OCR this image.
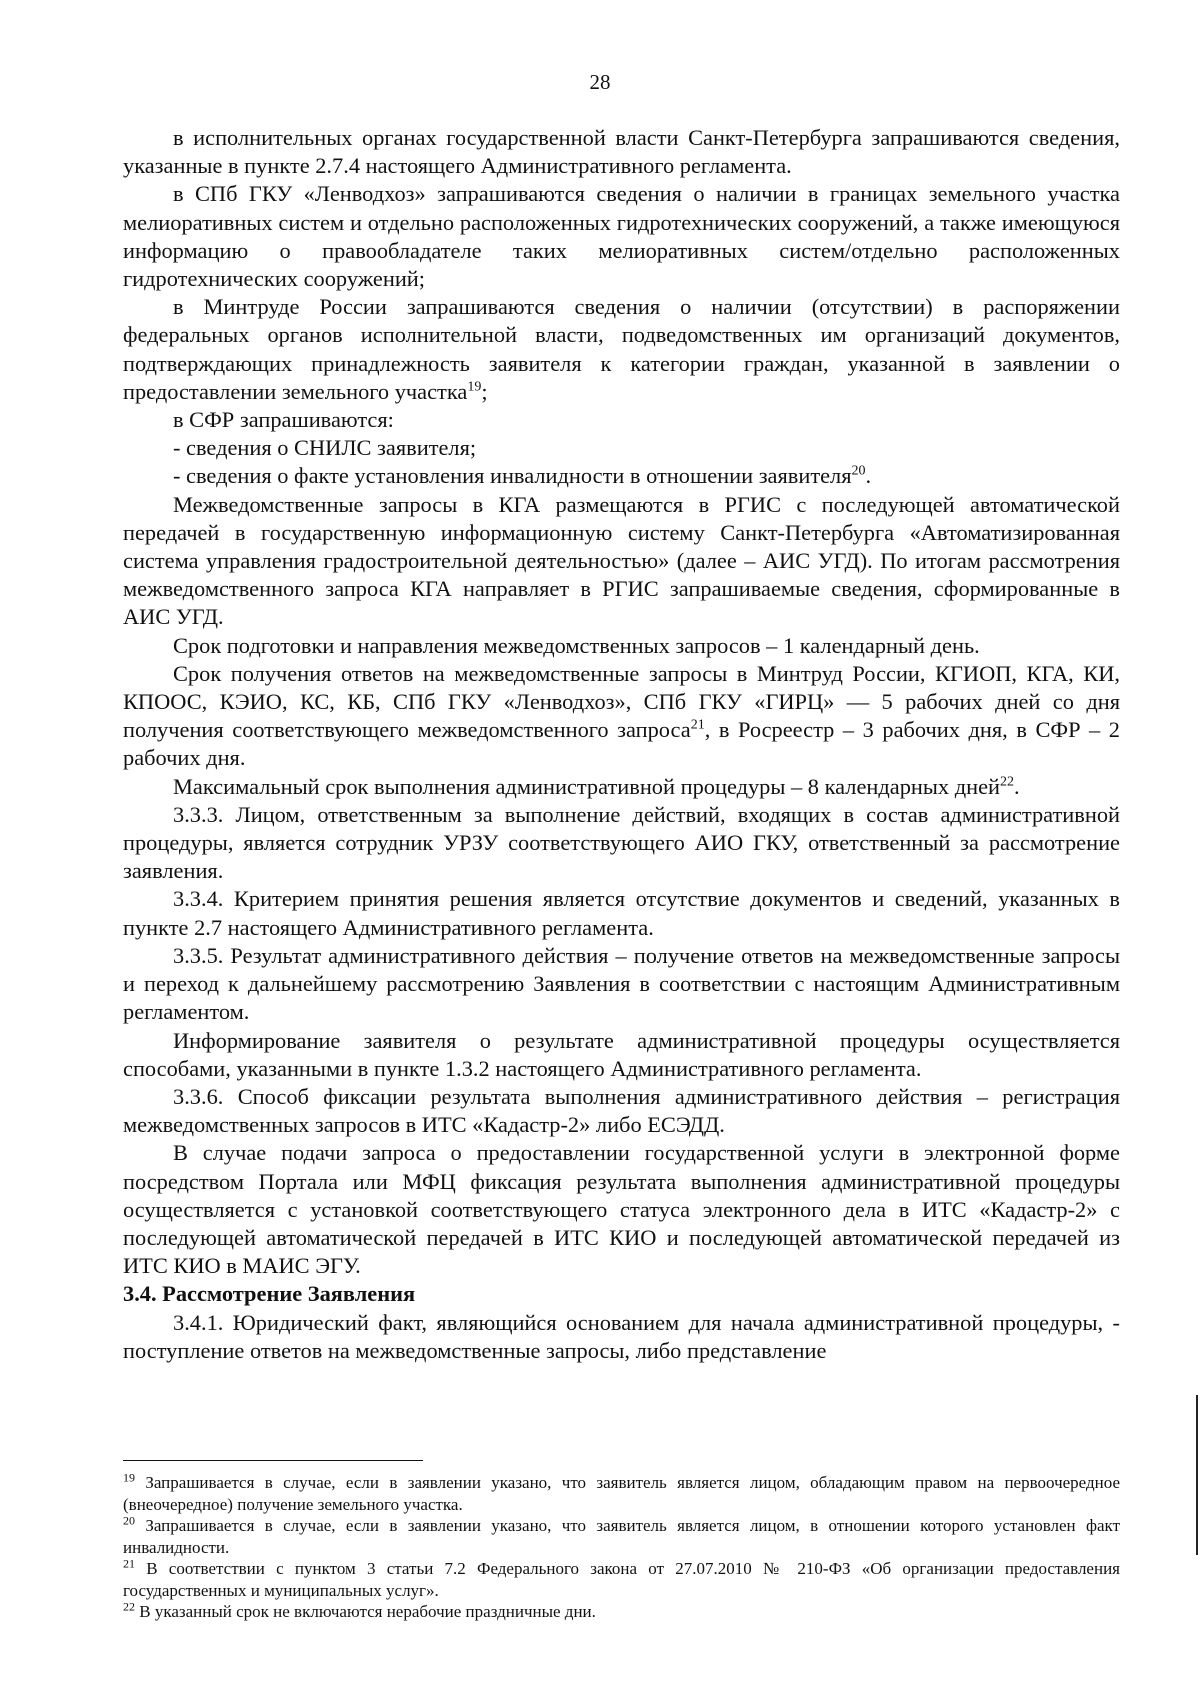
28

в исполнительных органах государственной власти Санкт-Петербурга запрашиваются сведения, указанные в пункте 2.7.4 настоящего Административного регламента.

в СПб ГКУ «Ленводхоз» запрашиваются сведения о наличии в границах земельного участка мелиоративных систем и отдельно расположенных гидротехнических сооружений, а также имеющуюся информацию о правообладателе таких мелиоративных систем/отдельно расположенных гидротехнических сооружений;

в Минтруде России запрашиваются сведения о наличии (отсутствии) в распоряжении федеральных органов исполнительной власти, подведомственных им организаций документов, подтверждающих принадлежность заявителя к категории граждан, указанной в заявлении о предоставлении земельного участка$^{19}$;

в СФР запрашиваются:

- сведения о СНИЛС заявителя;

- сведения о факте установления инвалидности в отношении заявителя$^{20}$.

Межведомственные запросы в КГА размещаются в РГИС с последующей автоматической передачей в государственную информационную систему Санкт-Петербурга «Автоматизированная система управления градостроительной деятельностью» (далее – АИС УГД). По итогам рассмотрения межведомственного запроса КГА направляет в РГИС запрашиваемые сведения, сформированные в АИС УГД.

Срок подготовки и направления межведомственных запросов – 1 календарный день.

Срок получения ответов на межведомственные запросы в Минтруд России, КГИОП, КГА, КИ, КПООС, КЭИО, КС, КБ, СПб ГКУ «Ленводхоз», СПб ГКУ «ГИРЦ» — 5 рабочих дней со дня получения соответствующего межведомственного запроса$^{21}$, в Росреестр – 3 рабочих дня, в СФР – 2 рабочих дня.

Максимальный срок выполнения административной процедуры – 8 календарных дней$^{22}$.

3.3.3. Лицом, ответственным за выполнение действий, входящих в состав административной процедуры, является сотрудник УРЗУ соответствующего АИО ГКУ, ответственный за рассмотрение заявления.

3.3.4. Критерием принятия решения является отсутствие документов и сведений, указанных в пункте 2.7 настоящего Административного регламента.

3.3.5. Результат административного действия – получение ответов на межведомственные запросы и переход к дальнейшему рассмотрению Заявления в соответствии с настоящим Административным регламентом.

Информирование заявителя о результате административной процедуры осуществляется способами, указанными в пункте 1.3.2 настоящего Административного регламента.

3.3.6. Способ фиксации результата выполнения административного действия – регистрация межведомственных запросов в ИТС «Кадастр-2» либо ЕСЭДД.

В случае подачи запроса о предоставлении государственной услуги в электронной форме посредством Портала или МФЦ фиксация результата выполнения административной процедуры осуществляется с установкой соответствующего статуса электронного дела в ИТС «Кадастр-2» с последующей автоматической передачей в ИТС КИО и последующей автоматической передачей из ИТС КИО в МАИС ЭГУ.

3.4. Рассмотрение Заявления

3.4.1. Юридический факт, являющийся основанием для начала административной процедуры, - поступление ответов на межведомственные запросы, либо представление

$^{19}$ Запрашивается в случае, если в заявлении указано, что заявитель является лицом, обладающим правом на первоочередное (внеочередное) получение земельного участка.

$^{20}$ Запрашивается в случае, если в заявлении указано, что заявитель является лицом, в отношении которого установлен факт инвалидности.

$^{21}$ В соответствии с пунктом 3 статьи 7.2 Федерального закона от 27.07.2010 № 210-ФЗ «Об организации предоставления государственных и муниципальных услуг».

$^{22}$ В указанный срок не включаются нерабочие праздничные дни.
